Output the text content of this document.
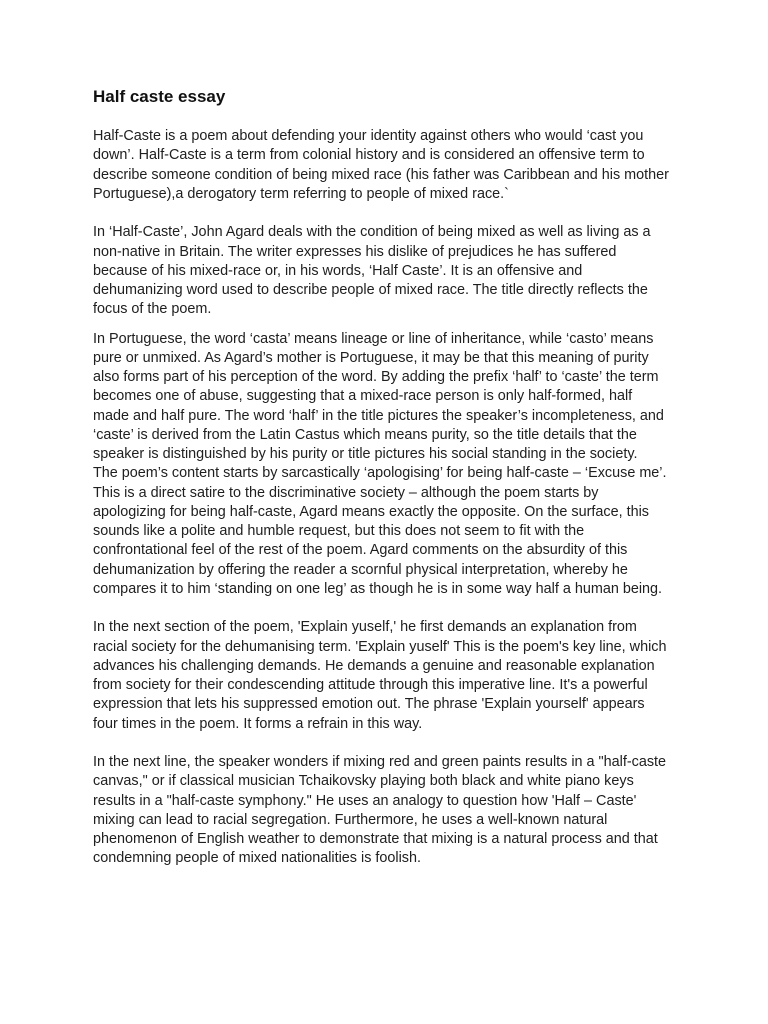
Half caste essay

Half-Caste is a poem about defending your identity against others who would ‘cast you down’. Half-Caste is a term from colonial history and is considered an offensive term to describe someone condition of being mixed race (his father was Caribbean and his mother Portuguese),a derogatory term referring to people of mixed race.`

In ‘Half-Caste’, John Agard deals with the condition of being mixed as well as living as a non-native in Britain. The writer expresses his dislike of prejudices he has suffered because of his mixed-race or, in his words, ‘Half Caste’. It is an offensive and dehumanizing word used to describe people of mixed race. The title directly reflects the focus of the poem.

In Portuguese, the word ‘casta’ means lineage or line of inheritance, while ‘casto’ means pure or unmixed. As Agard’s mother is Portuguese, it may be that this meaning of purity also forms part of his perception of the word. By adding the prefix ‘half’ to ‘caste’ the term becomes one of abuse, suggesting that a mixed-race person is only half-formed, half made and half pure. The word ‘half’ in the title pictures the speaker’s incompleteness, and ‘caste’ is derived from the Latin Castus which means purity, so the title details that the speaker is distinguished by his purity or title pictures his social standing in the society.

The poem’s content starts by sarcastically ‘apologising’ for being half-caste – ‘Excuse me’. This is a direct satire to the discriminative society – although the poem starts by apologizing for being half-caste, Agard means exactly the opposite. On the surface, this sounds like a polite and humble request, but this does not seem to fit with the confrontational feel of the rest of the poem. Agard comments on the absurdity of this dehumanization by offering the reader a scornful physical interpretation, whereby he compares it to him ‘standing on one leg’ as though he is in some way half a human being.

In the next section of the poem, 'Explain yuself,' he first demands an explanation from racial society for the dehumanising term. 'Explain yuself' This is the poem's key line, which advances his challenging demands. He demands a genuine and reasonable explanation from society for their condescending attitude through this imperative line. It's a powerful expression that lets his suppressed emotion out. The phrase 'Explain yourself' appears four times in the poem. It forms a refrain in this way.

In the next line, the speaker wonders if mixing red and green paints results in a "half-caste canvas," or if classical musician Tchaikovsky playing both black and white piano keys results in a "half-caste symphony." He uses an analogy to question how 'Half – Caste' mixing can lead to racial segregation. Furthermore, he uses a well-known natural phenomenon of English weather to demonstrate that mixing is a natural process and that condemning people of mixed nationalities is foolish.
